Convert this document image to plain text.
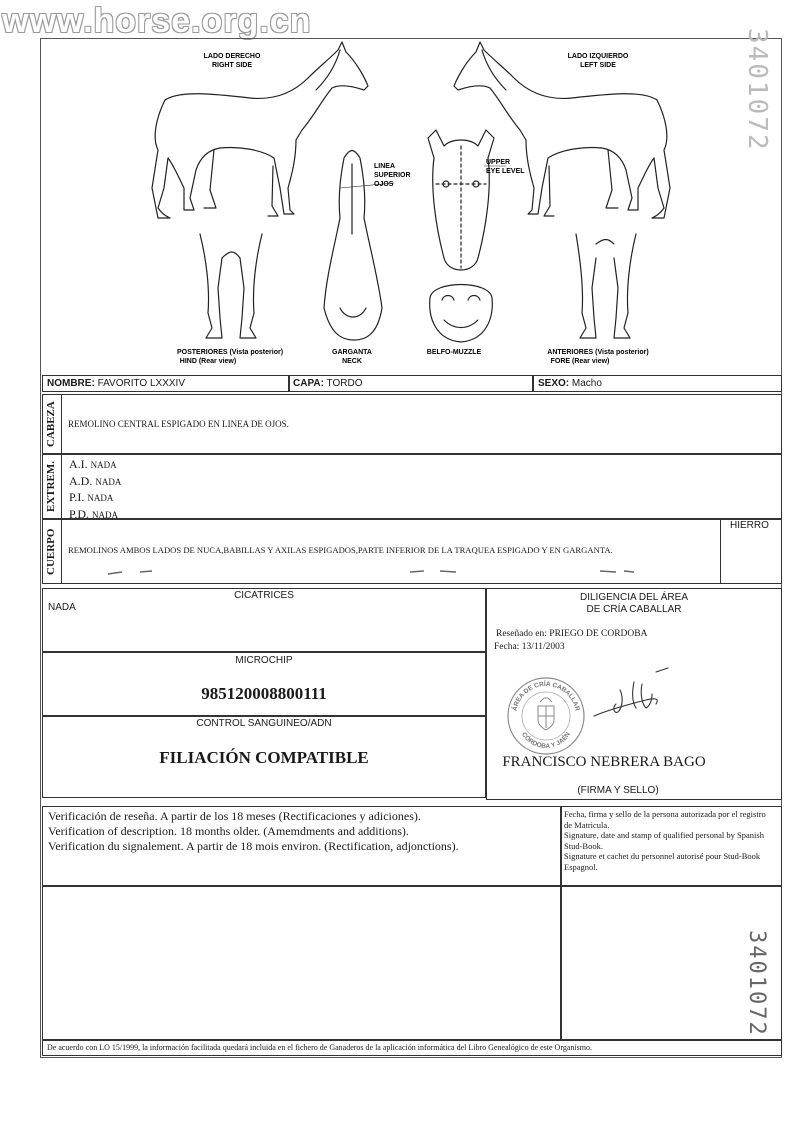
www.horse.org.cn
3401072
3401072
LADO DERECHO
RIGHT SIDE
LADO IZQUIERDO
LEFT SIDE
LINEA
SUPERIOR
OJOS
UPPER
EYE LEVEL
POSTERIORES (Vista posterior)
HIND (Rear view)
GARGANTA
NECK
BELFO-MUZZLE	ANTERIORES (Vista posterior)
FORE (Rear view)
NOMBRE: FAVORITO LXXXIV	CAPA: TORDO	SEXO: Macho
CABEZA REMOLINO CENTRAL ESPIGADO EN LINEA DE OJOS.
EXTREM. A.I. NADA
A.D. NADA
P.I. NADA
P.D. NADA
CUERPO REMOLINOS AMBOS LADOS DE NUCA,BABILLAS Y AXILAS ESPIGADOS,PARTE INFERIOR DE LA TRAQUEA ESPIGADO Y EN GARGANTA.
HIERRO
CICATRICES
NADA
MICROCHIP
985120008800111
CONTROL SANGUINEO/ADN
FILIACIÓN COMPATIBLE
DILIGENCIA DEL ÁREA
DE CRÍA CABALLAR
Reseñado en: PRIEGO DE CORDOBA
Fecha: 13/11/2003
ÁREA DE CRÍA CABALLAR
CÓRDOBA Y JAÉN
FRANCISCO NEBRERA BAGO
(FIRMA Y SELLO)
Verificación de reseña. A partir de los 18 meses (Rectificaciones y adiciones).
Verification of description. 18 months older. (Amemdments and additions).
Verification du signalement. A partir de 18 mois environ. (Rectification, adjonctions).
Fecha, firma y sello de la persona autorizada por el registro de Matricula.
Signature, date and stamp of qualified personal by Spanish Stud-Book.
Signature et cachet du personnel autorisé pour Stud-Book Espagnol.
De acuerdo con LO 15/1999, la información facilitada quedará incluida en el fichero de Ganaderos de la aplicación informática del Libro Genealógico de este Organismo.
